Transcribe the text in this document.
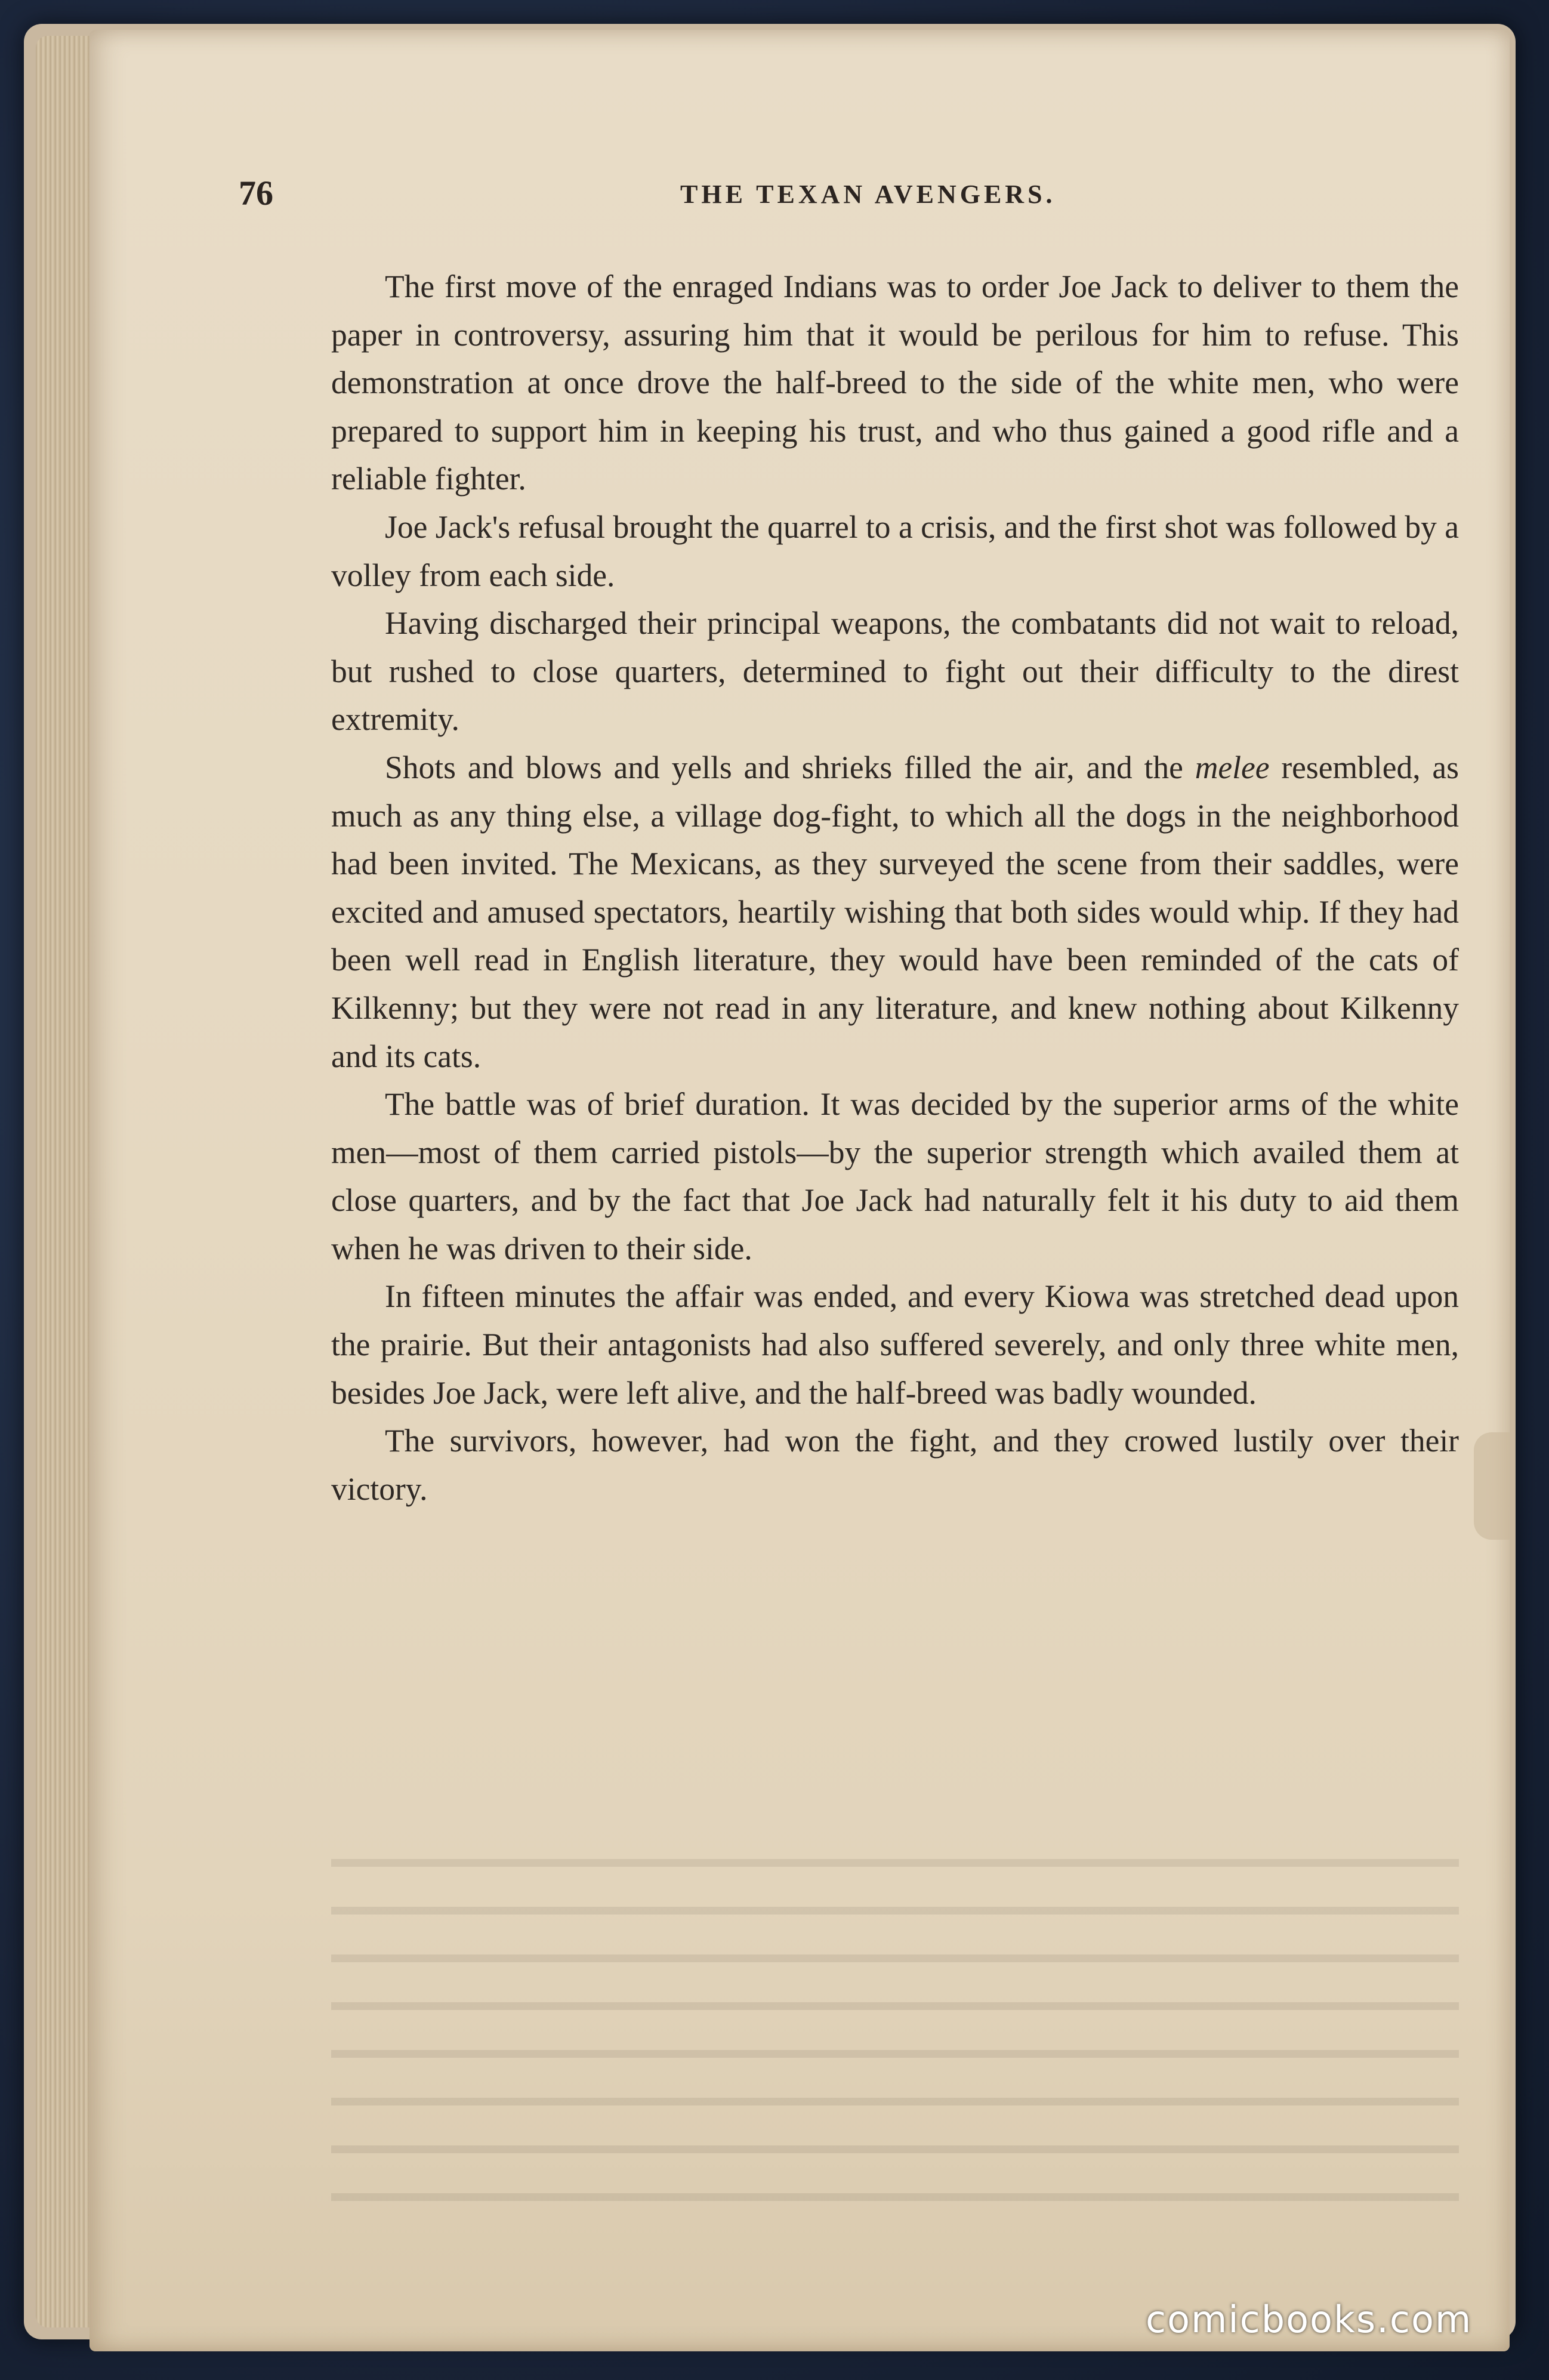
76	THE TEXAN AVENGERS.

The first move of the enraged Indians was to order Joe Jack to deliver to them the paper in controversy, assuring him that it would be perilous for him to refuse. This demonstration at once drove the half-breed to the side of the white men, who were prepared to support him in keeping his trust, and who thus gained a good rifle and a reliable fighter.

Joe Jack's refusal brought the quarrel to a crisis, and the first shot was followed by a volley from each side.

Having discharged their principal weapons, the combatants did not wait to reload, but rushed to close quarters, determined to fight out their difficulty to the direst extremity.

Shots and blows and yells and shrieks filled the air, and the melee resembled, as much as any thing else, a village dog-fight, to which all the dogs in the neighborhood had been invited. The Mexicans, as they surveyed the scene from their saddles, were excited and amused spectators, heartily wishing that both sides would whip. If they had been well read in English literature, they would have been reminded of the cats of Kilkenny; but they were not read in any literature, and knew nothing about Kilkenny and its cats.

The battle was of brief duration. It was decided by the superior arms of the white men—most of them carried pistols—by the superior strength which availed them at close quarters, and by the fact that Joe Jack had naturally felt it his duty to aid them when he was driven to their side.

In fifteen minutes the affair was ended, and every Kiowa was stretched dead upon the prairie. But their antagonists had also suffered severely, and only three white men, besides Joe Jack, were left alive, and the half-breed was badly wounded.

The survivors, however, had won the fight, and they crowed lustily over their victory.

comicbooks.com
